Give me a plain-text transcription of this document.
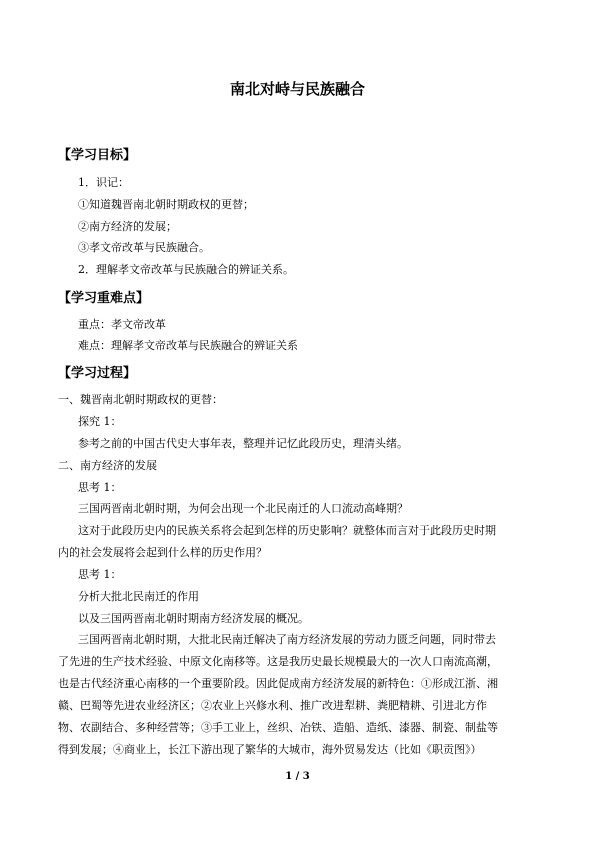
南北对峙与民族融合
【学习目标】
1．识记：
①知道魏晋南北朝时期政权的更替；
②南方经济的发展；
③孝文帝改革与民族融合。
2．理解孝文帝改革与民族融合的辨证关系。
【学习重难点】
重点：孝文帝改革
难点：理解孝文帝改革与民族融合的辨证关系
【学习过程】
一、魏晋南北朝时期政权的更替：
探究 1：
参考之前的中国古代史大事年表，整理并记忆此段历史，理清头绪。
二、南方经济的发展
思考 1：
三国两晋南北朝时期，为何会出现一个北民南迁的人口流动高峰期？
这对于此段历史内的民族关系将会起到怎样的历史影响？就整体而言对于此段历史时期
内的社会发展将会起到什么样的历史作用？
思考 1：
分析大批北民南迁的作用
以及三国两晋南北朝时期南方经济发展的概况。
三国两晋南北朝时期，大批北民南迁解决了南方经济发展的劳动力匮乏问题，同时带去
了先进的生产技术经验、中原文化南移等。这是我历史最长规模最大的一次人口南流高潮，
也是古代经济重心南移的一个重要阶段。因此促成南方经济发展的新特色：①形成江浙、湘
赣、巴蜀等先进农业经济区；②农业上兴修水利、推广改进犁耕、粪肥精耕、引进北方作
物、农副结合、多种经营等；③手工业上，丝织、冶铁、造船、造纸、漆器、制瓷、制盐等
得到发展；④商业上，长江下游出现了繁华的大城市，海外贸易发达（比如《职贡图》）
1 / 3
